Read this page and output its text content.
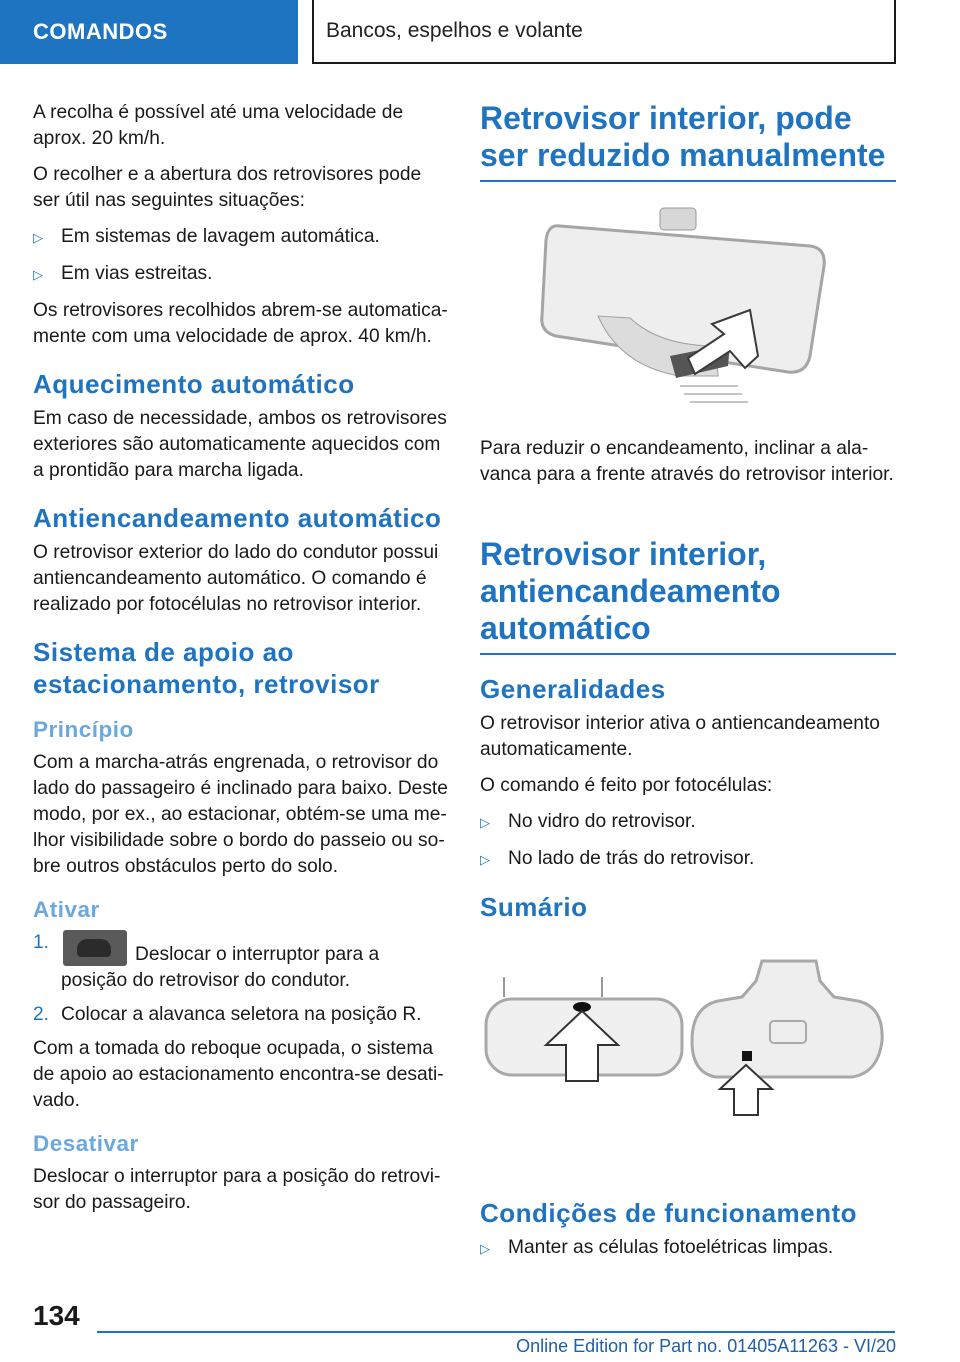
COMANDOS	Bancos, espelhos e volante

A recolha é possível até uma velocidade de aprox. 20 km/h.

O recolher e a abertura dos retrovisores pode ser útil nas seguintes situações:

▷ Em sistemas de lavagem automática.
▷ Em vias estreitas.

Os retrovisores recolhidos abrem-se automatica-mente com uma velocidade de aprox. 40 km/h.

Aquecimento automático

Em caso de necessidade, ambos os retrovisores exteriores são automaticamente aquecidos com a prontidão para marcha ligada.

Antiencandeamento automático

O retrovisor exterior do lado do condutor possui antiencandeamento automático. O comando é realizado por fotocélulas no retrovisor interior.

Sistema de apoio ao estacionamento, retrovisor
Princípio

Com a marcha-atrás engrenada, o retrovisor do lado do passageiro é inclinado para baixo. Deste modo, por ex., ao estacionar, obtém-se uma me-lhor visibilidade sobre o bordo do passeio ou so-bre outros obstáculos perto do solo.

Ativar
1.
Deslocar o interruptor para a posição do retrovisor do condutor.
2. Colocar a alavanca seletora na posição R.

Com a tomada do reboque ocupada, o sistema de apoio ao estacionamento encontra-se desati-vado.

Desativar

Deslocar o interruptor para a posição do retrovi-sor do passageiro.

Retrovisor interior, pode ser reduzido manualmente

Para reduzir o encandeamento, inclinar a ala-vanca para a frente através do retrovisor interior.

Retrovisor interior, antiencandeamento automático
Generalidades

O retrovisor interior ativa o antiencandeamento automaticamente.

O comando é feito por fotocélulas:

▷ No vidro do retrovisor.
▷ No lado de trás do retrovisor.
Sumário
Condições de funcionamento
▷ Manter as células fotoelétricas limpas.
134
Online Edition for Part no. 01405A11263 - VI/20
